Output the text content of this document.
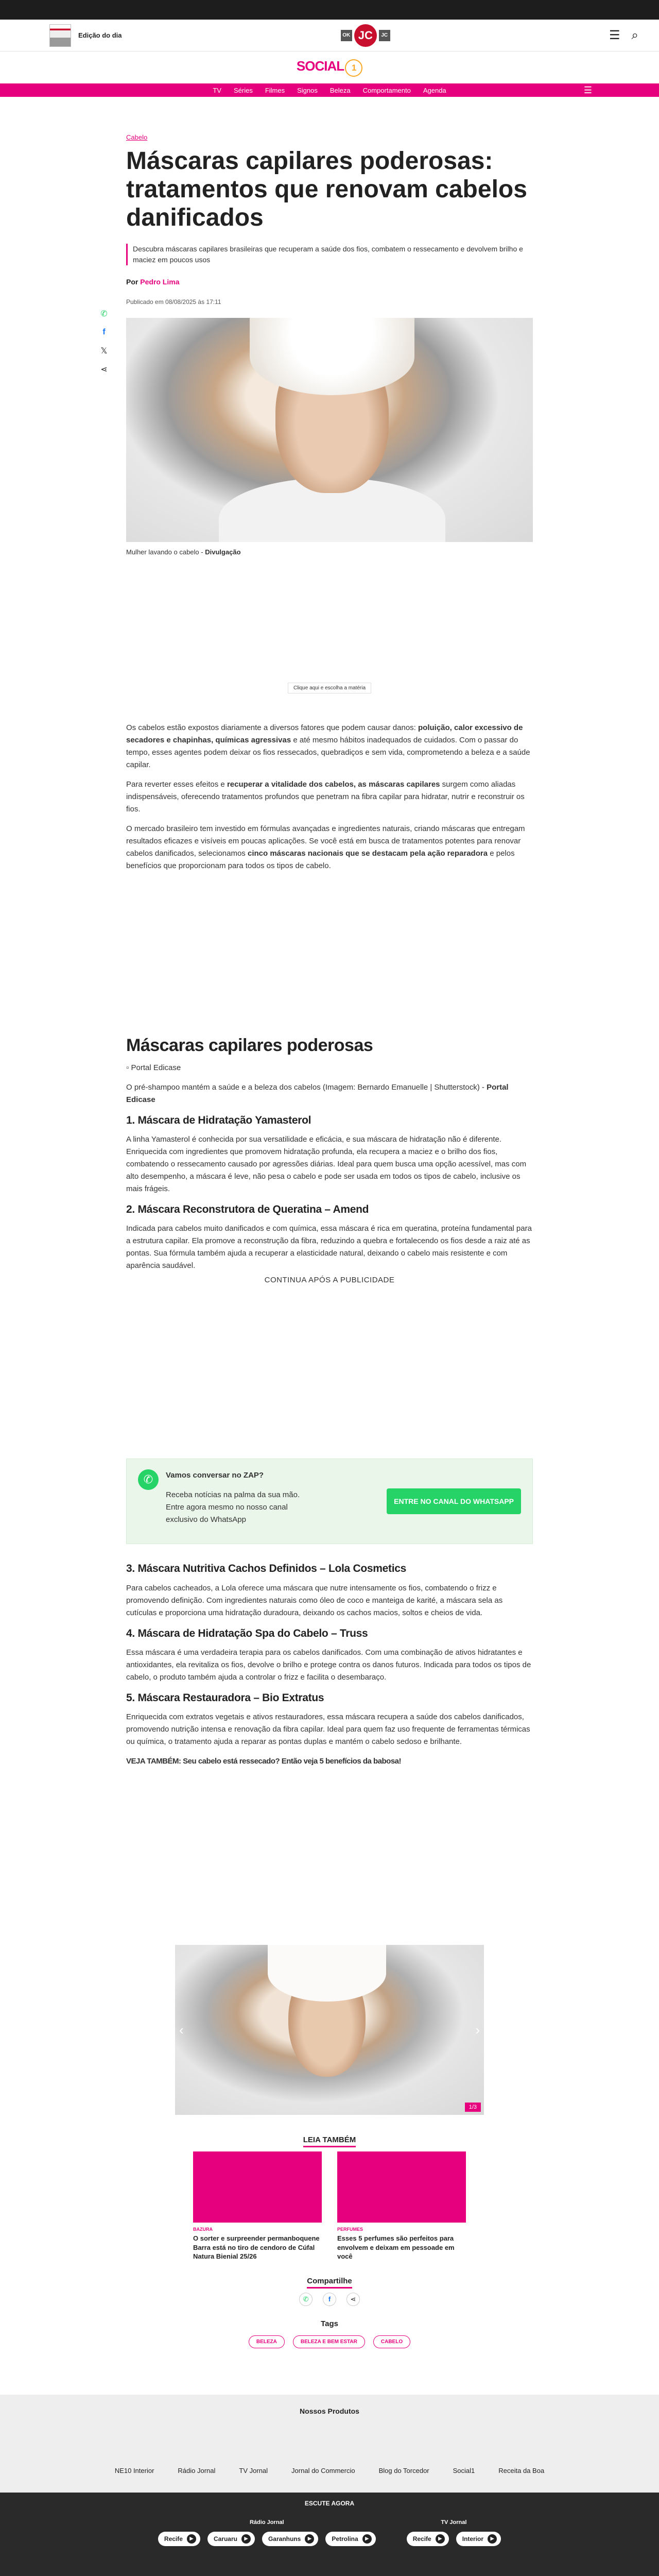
Edição do dia	OK JC	JC	☰ ⌕
SOCIAL 1
TV Séries Filmes Signos Beleza Comportamento Agenda	☰
✆
f
𝕏
⋖
Cabelo
Máscaras capilares poderosas: tratamentos que renovam cabelos danificados

Descubra máscaras capilares brasileiras que recuperam a saúde dos fios, combatem o ressecamento e devolvem brilho e maciez em poucos usos

Por Pedro Lima

Publicado em 08/08/2025 às 17:11

Mulher lavando o cabelo - Divulgação

Clique aqui e escolha a matéria

Os cabelos estão expostos diariamente a diversos fatores que podem causar danos: poluição, calor excessivo de secadores e chapinhas, químicas agressivas e até mesmo hábitos inadequados de cuidados. Com o passar do tempo, esses agentes podem deixar os fios ressecados, quebradiços e sem vida, comprometendo a beleza e a saúde capilar.

Para reverter esses efeitos e recuperar a vitalidade dos cabelos, as máscaras capilares surgem como aliadas indispensáveis, oferecendo tratamentos profundos que penetram na fibra capilar para hidratar, nutrir e reconstruir os fios.

O mercado brasileiro tem investido em fórmulas avançadas e ingredientes naturais, criando máscaras que entregam resultados eficazes e visíveis em poucas aplicações. Se você está em busca de tratamentos potentes para renovar cabelos danificados, selecionamos cinco máscaras nacionais que se destacam pela ação reparadora e pelos benefícios que proporcionam para todos os tipos de cabelo.

Máscaras capilares poderosas

▫ Portal Edicase

O pré-shampoo mantém a saúde e a beleza dos cabelos (Imagem: Bernardo Emanuelle | Shutterstock) - Portal Edicase

1. Máscara de Hidratação Yamasterol

A linha Yamasterol é conhecida por sua versatilidade e eficácia, e sua máscara de hidratação não é diferente. Enriquecida com ingredientes que promovem hidratação profunda, ela recupera a maciez e o brilho dos fios, combatendo o ressecamento causado por agressões diárias. Ideal para quem busca uma opção acessível, mas com alto desempenho, a máscara é leve, não pesa o cabelo e pode ser usada em todos os tipos de cabelo, inclusive os mais frágeis.

2. Máscara Reconstrutora de Queratina – Amend

Indicada para cabelos muito danificados e com química, essa máscara é rica em queratina, proteína fundamental para a estrutura capilar. Ela promove a reconstrução da fibra, reduzindo a quebra e fortalecendo os fios desde a raiz até as pontas. Sua fórmula também ajuda a recuperar a elasticidade natural, deixando o cabelo mais resistente e com aparência saudável.

CONTINUA APÓS A PUBLICIDADE

✆	Vamos conversar no ZAP?

Receba notícias na palma da sua mão. Entre agora mesmo no nosso canal exclusivo do WhatsApp

ENTRE NO CANAL DO WHATSAPP
3. Máscara Nutritiva Cachos Definidos – Lola Cosmetics

Para cabelos cacheados, a Lola oferece uma máscara que nutre intensamente os fios, combatendo o frizz e promovendo definição. Com ingredientes naturais como óleo de coco e manteiga de karité, a máscara sela as cutículas e proporciona uma hidratação duradoura, deixando os cachos macios, soltos e cheios de vida.

4. Máscara de Hidratação Spa do Cabelo – Truss

Essa máscara é uma verdadeira terapia para os cabelos danificados. Com uma combinação de ativos hidratantes e antioxidantes, ela revitaliza os fios, devolve o brilho e protege contra os danos futuros. Indicada para todos os tipos de cabelo, o produto também ajuda a controlar o frizz e facilita o desembaraço.

5. Máscara Restauradora – Bio Extratus

Enriquecida com extratos vegetais e ativos restauradores, essa máscara recupera a saúde dos cabelos danificados, promovendo nutrição intensa e renovação da fibra capilar. Ideal para quem faz uso frequente de ferramentas térmicas ou química, o tratamento ajuda a reparar as pontas duplas e mantém o cabelo sedoso e brilhante.

VEJA TAMBÉM: Seu cabelo está ressecado? Então veja 5 benefícios da babosa!

‹	›
1/3

LEIA TAMBÉM

BAZURA

O sorter e surpreender permanboquene Barra está no tiro de cendoro de Cúfal Natura Bienial 25/26

PERFUMES

Esses 5 perfumes são perfeitos para envolvem e deixam em pessoade em você

Compartilhe

✆	f	⋖

Tags

BELEZA	BELEZA E BEM ESTAR	CABELO
Nossos Produtos
NE10 Interior	Rádio Jornal	TV Jornal	Jornal do Commercio	Blog do Torcedor	Social1	Receita da Boa
ESCUTE AGORA

Rádio Jornal

Recife	▶	Caruaru	▶	Garanhuns	▶	Petrolina	▶

TV Jornal

Recife	▶	Interior	▶
